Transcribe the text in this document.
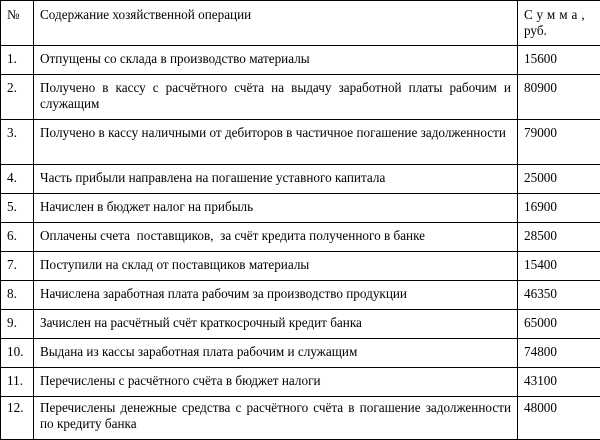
№	Содержание хозяйственной операции	Сумма,
руб.

1.	Отпущены со склада в производство материалы	15600
2.	Получено в кассу с расчётного счёта на выдачу заработной платы рабочим и служащим	80900
3.	Получено в кассу наличными от дебиторов в частичное погашение задолженности	79000
4.	Часть прибыли направлена на погашение уставного капитала	25000
5.	Начислен в бюджет налог на прибыль	16900
6.	Оплачены счета  поставщиков,  за счёт кредита полученного в банке	28500
7.	Поступили на склад от поставщиков материалы	15400
8.	Начислена заработная плата рабочим за производство продукции	46350
9.	Зачислен на расчётный счёт краткосрочный кредит банка	65000
10.	Выдана из кассы заработная плата рабочим и служащим	74800
11.	Перечислены с расчётного счёта в бюджет налоги	43100
12.	Перечислены денежные средства с расчётного счёта в погашение задолженности по кредиту банка	48000
